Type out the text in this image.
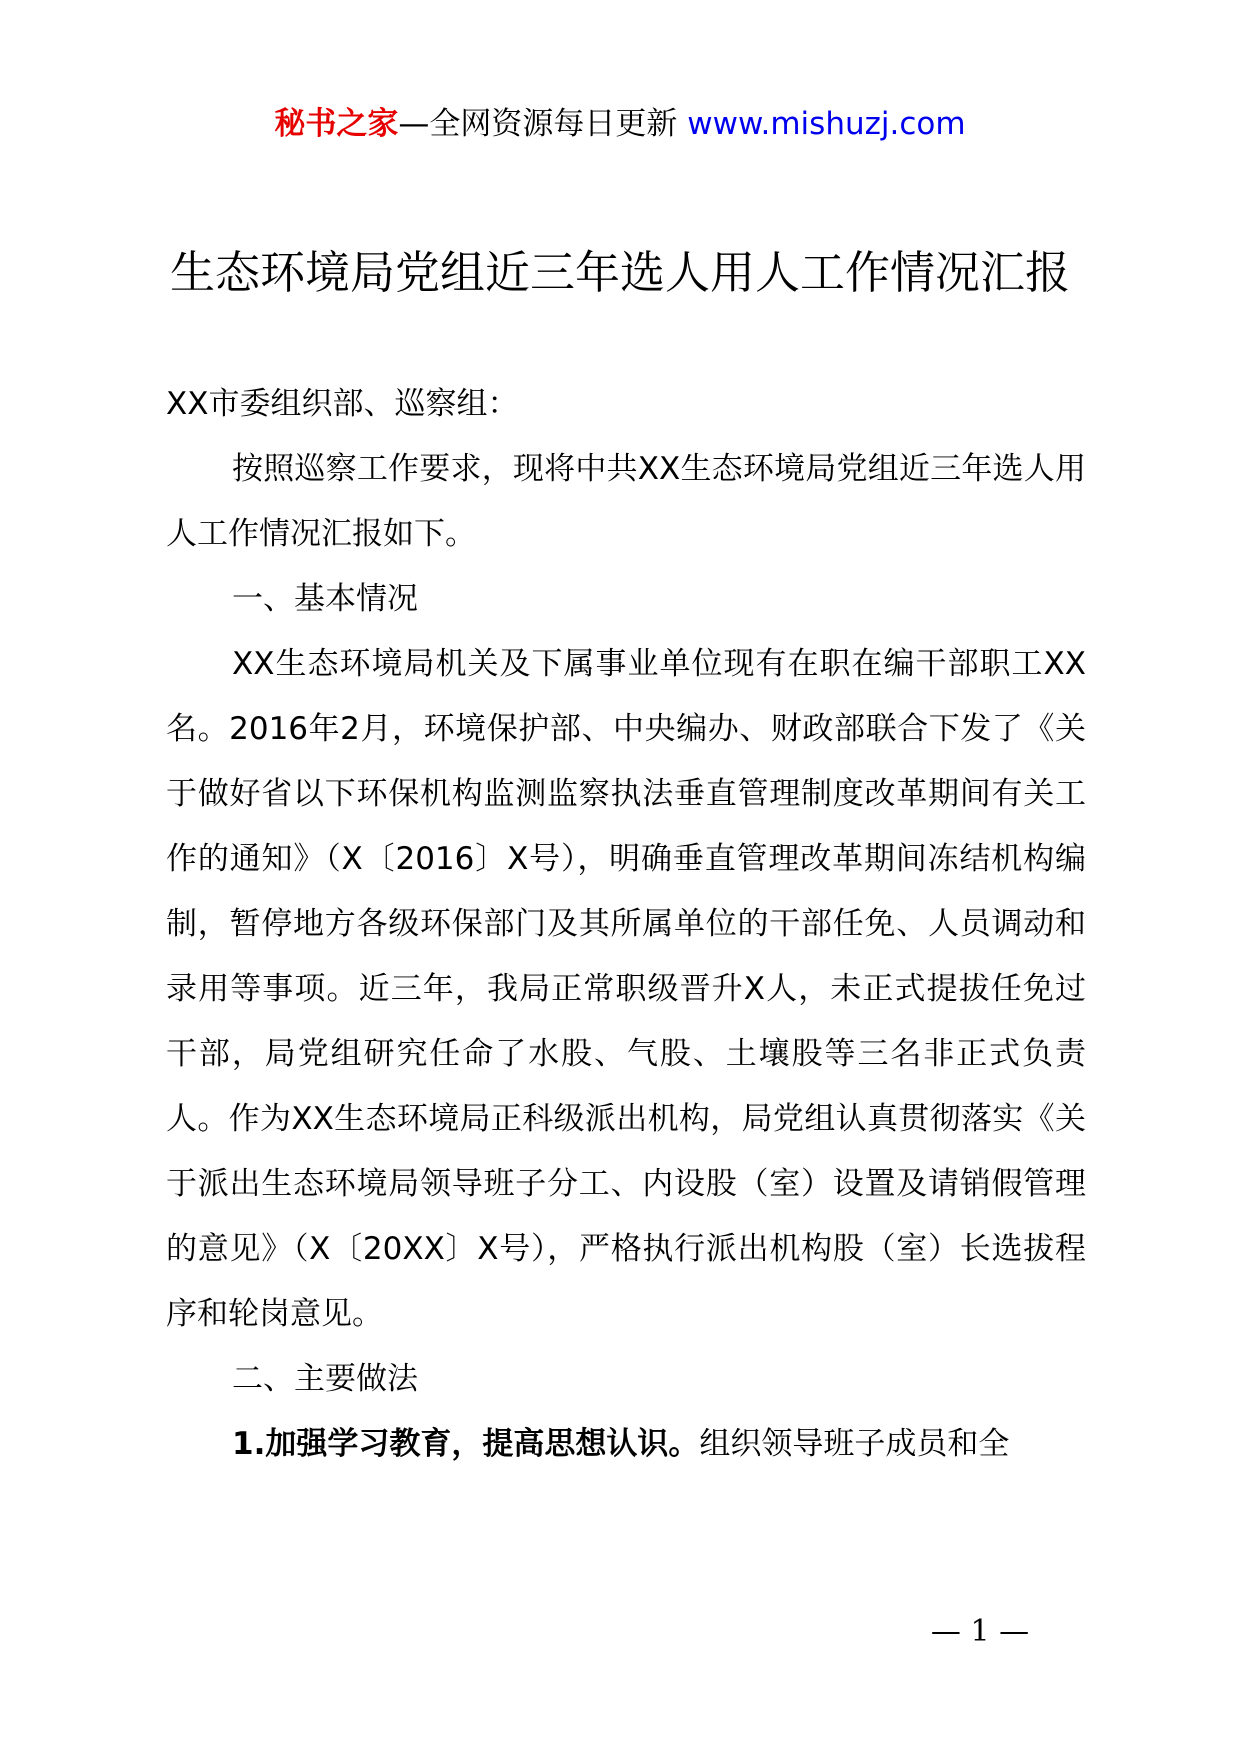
秘书之家—全网资源每日更新 www.mishuzj.com
生态环境局党组近三年选人用人工作情况汇报

XX市委组织部、巡察组：

按照巡察工作要求，现将中共XX生态环境局党组近三年选人用人工作情况汇报如下。

一、基本情况

XX生态环境局机关及下属事业单位现有在职在编干部职工XX名。2016年2月，环境保护部、中央编办、财政部联合下发了《关于做好省以下环保机构监测监察执法垂直管理制度改革期间有关工作的通知》（X〔2016〕X号），明确垂直管理改革期间冻结机构编制，暂停地方各级环保部门及其所属单位的干部任免、人员调动和录用等事项。近三年，我局正常职级晋升X人，未正式提拔任免过干部，局党组研究任命了水股、气股、土壤股等三名非正式负责人。作为XX生态环境局正科级派出机构，局党组认真贯彻落实《关于派出生态环境局领导班子分工、内设股（室）设置及请销假管理的意见》（X〔20XX〕X号），严格执行派出机构股（室）长选拔程序和轮岗意见。

二、主要做法

1.加强学习教育，提高思想认识。组织领导班子成员和全

— 1 —
